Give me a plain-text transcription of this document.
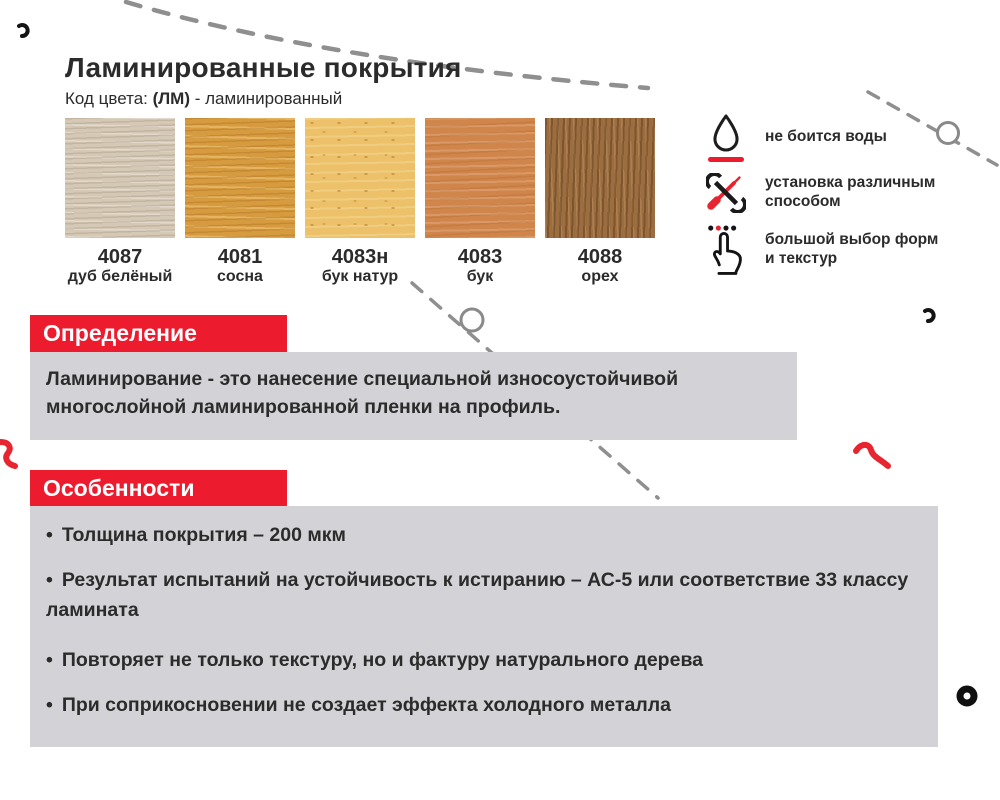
Ламинированные покрытия

Код цвета: (ЛМ) - ламинированный

4087
дуб белёный
4081
сосна
4083н
бук натур
4083
бук
4088
орех
не боится воды
установка различным
способом
большой выбор форм
и текстур
Определение

Ламинирование - это нанесение специальной износоустойчивой
многослойной ламинированной пленки на профиль.

Особенности
• Толщина покрытия – 200 мкм
• Результат испытаний на устойчивость к истиранию – АС-5 или соответствие 33 классу
ламината
• Повторяет не только текстуру, но и фактуру натурального дерева
• При соприкосновении не создает эффекта холодного металла
